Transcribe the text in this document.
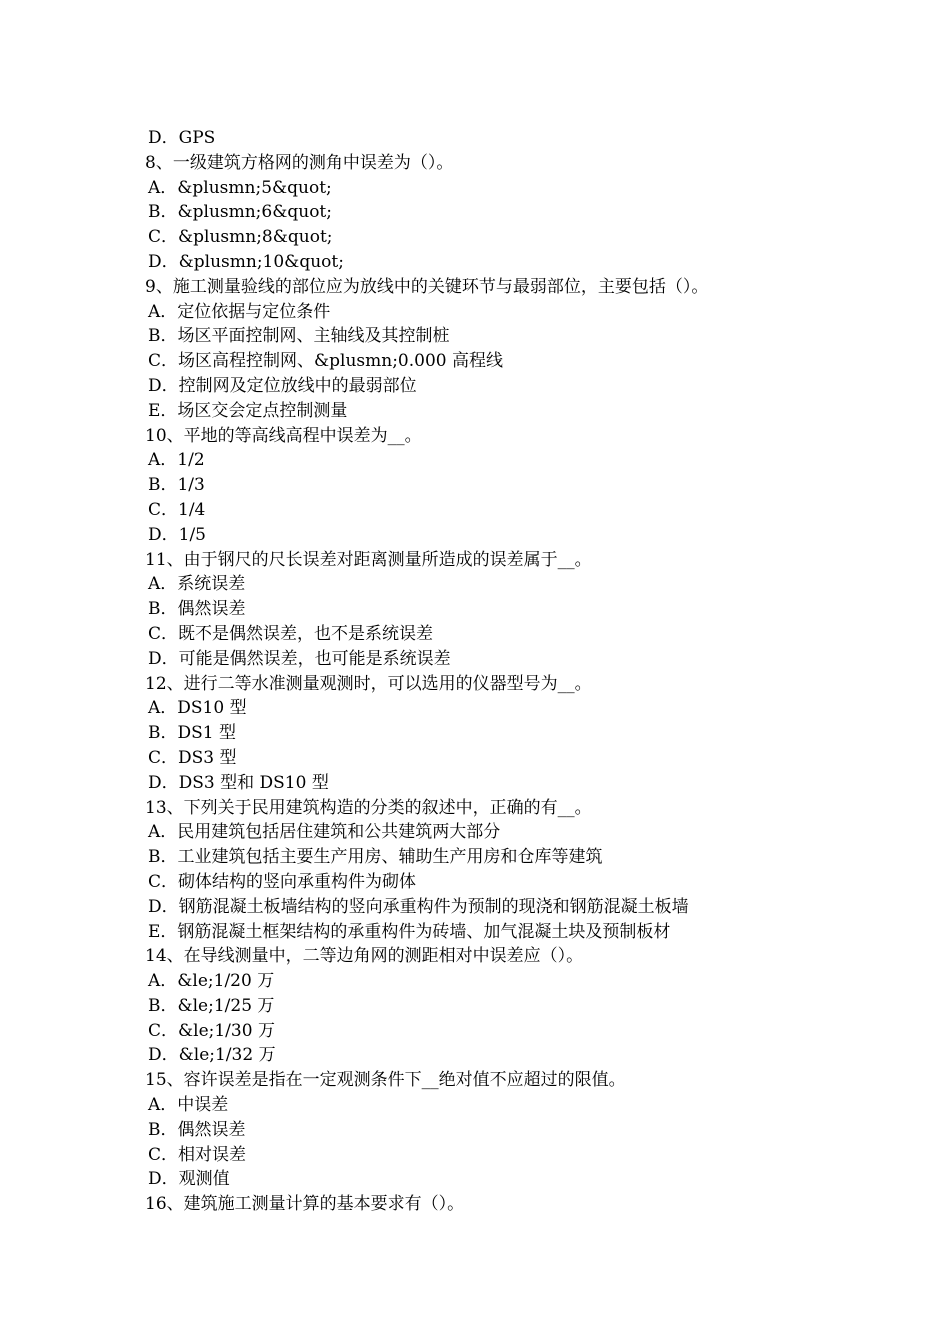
D．GPS
8、一级建筑方格网的测角中误差为（）。
A．&plusmn;5&quot;
B．&plusmn;6&quot;
C．&plusmn;8&quot;
D．&plusmn;10&quot;
9、施工测量验线的部位应为放线中的关键环节与最弱部位，主要包括（）。
A．定位依据与定位条件
B．场区平面控制网、主轴线及其控制桩
C．场区高程控制网、&plusmn;0.000 高程线
D．控制网及定位放线中的最弱部位
E．场区交会定点控制测量
10、平地的等高线高程中误差为__。
A．1/2
B．1/3
C．1/4
D．1/5
11、由于钢尺的尺长误差对距离测量所造成的误差属于__。
A．系统误差
B．偶然误差
C．既不是偶然误差，也不是系统误差
D．可能是偶然误差，也可能是系统误差
12、进行二等水准测量观测时，可以选用的仪器型号为__。
A．DS10 型
B．DS1 型
C．DS3 型
D．DS3 型和 DS10 型
13、下列关于民用建筑构造的分类的叙述中，正确的有__。
A．民用建筑包括居住建筑和公共建筑两大部分
B．工业建筑包括主要生产用房、辅助生产用房和仓库等建筑
C．砌体结构的竖向承重构件为砌体
D．钢筋混凝土板墙结构的竖向承重构件为预制的现浇和钢筋混凝土板墙
E．钢筋混凝土框架结构的承重构件为砖墙、加气混凝土块及预制板材
14、在导线测量中，二等边角网的测距相对中误差应（）。
A．&le;1/20 万
B．&le;1/25 万
C．&le;1/30 万
D．&le;1/32 万
15、容许误差是指在一定观测条件下__绝对值不应超过的限值。
A．中误差
B．偶然误差
C．相对误差
D．观测值
16、建筑施工测量计算的基本要求有（）。
